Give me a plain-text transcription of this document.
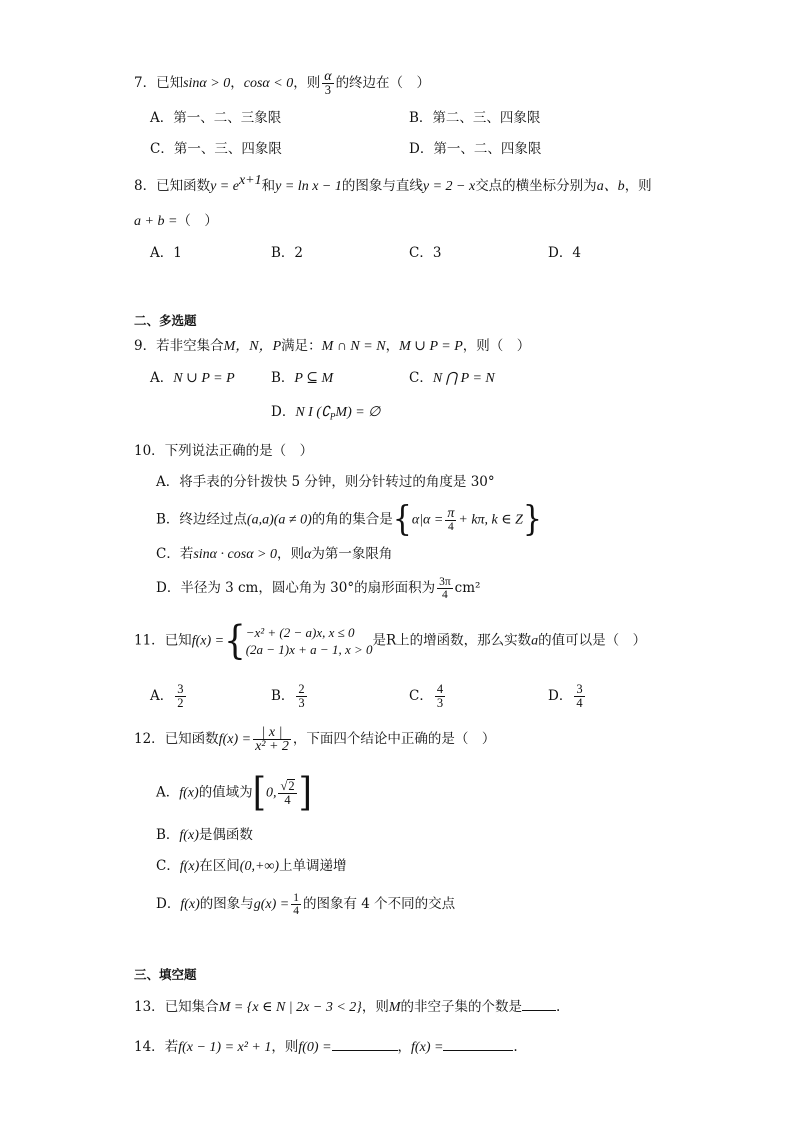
7．已知sinα > 0，cosα < 0，则 $\frac{\alpha}{3}$ 的终边在（　）
A．第一、二、三象限	B．第二、三、四象限
C．第一、三、四象限	D．第一、二、四象限
8．已知函数$y = e^{x+1}$和y = ln x − 1的图象与直线y = 2 − x交点的横坐标分别为a、b，则
a + b =（　）
A．1	B．2	C．3	D．4
二、多选题
9．若非空集合M，N，P满足：M ∩ N = N，M ∪ P = P，则（　）
A．N ∪ P = P	B．P ⊆ M	C．N ⋂ P = N
D．N I $(∁_PM)$ = ∅
10．下列说法正确的是（　）
A．将手表的分针拨快 5 分钟，则分针转过的角度是 30°
B．终边经过点(a,a)(a ≠ 0)的角的集合是{$\alpha|\alpha = \frac{\pi}{4} + k\pi$, k ∈ Z}
C．若sinα · cosα > 0，则α为第一象限角
D．半径为 3 cm，圆心角为 30°的扇形面积为 $\frac{3\pi}{4} cm^2$
11．已知f(x) ={ −x² + (2 − a)x, x ≤ 0
(2a − 1)x + a − 1, x > 0
是R上的增函数，那么实数a的值可以是（　）
A． $\frac{3}{2}$	B． $\frac{2}{3}$	C． $\frac{4}{3}$	D． $\frac{3}{4}$
12．已知函数$f(x) = \frac{| x |}{\text{x² + 2}}$ ，下面四个结论中正确的是（　）
A．f(x)的值域为[0, $\frac{√2}{4}$ ]
B．f(x)是偶函数
C．f(x)在区间(0,+∞)上单调递增
D．f(x)的图象与$g(x) = \frac{1}{4}$ 的图象有 4 个不同的交点
三、填空题
13．已知集合M = {x ∈ N | 2x − 3 < 2}，则M的非空子集的个数是	.
14．若f(x − 1) = x² + 1，则f(0) =	，f(x) =	.
